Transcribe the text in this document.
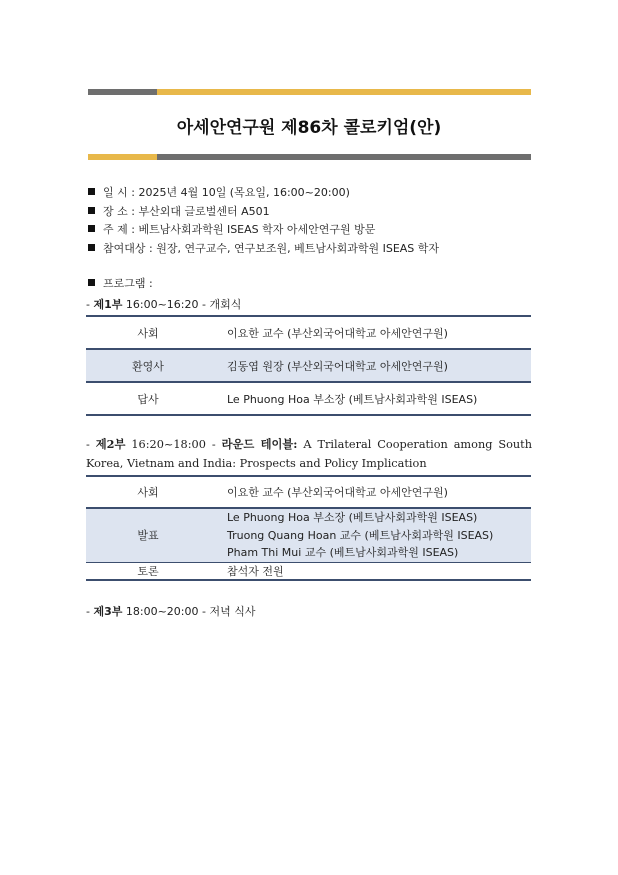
아세안연구원 제86차 콜로키엄(안)
일 시 : 2025년 4월 10일 (목요일, 16:00~20:00)
장 소 : 부산외대 글로벌센터 A501
주 제 : 베트남사회과학원 ISEAS 학자 아세안연구원 방문
참여대상 : 원장, 연구교수, 연구보조원, 베트남사회과학원 ISEAS 학자
프로그램 :
- 제1부 16:00~16:20 - 개회식
사회	이요한 교수 (부산외국어대학교 아세안연구원)
환영사	김동엽 원장 (부산외국어대학교 아세안연구원)
답사	Le Phuong Hoa 부소장 (베트남사회과학원 ISEAS)
- 제2부 16:20~18:00 - 라운드 테이블: A Trilateral Cooperation among South
Korea, Vietnam and India: Prospects and Policy Implication
사회	이요한 교수 (부산외국어대학교 아세안연구원)
발표	Le Phuong Hoa 부소장 (베트남사회과학원 ISEAS)
Truong Quang Hoan 교수 (베트남사회과학원 ISEAS)
Pham Thi Mui 교수 (베트남사회과학원 ISEAS)

토론	참석자 전원
- 제3부 18:00~20:00 - 저녁 식사
